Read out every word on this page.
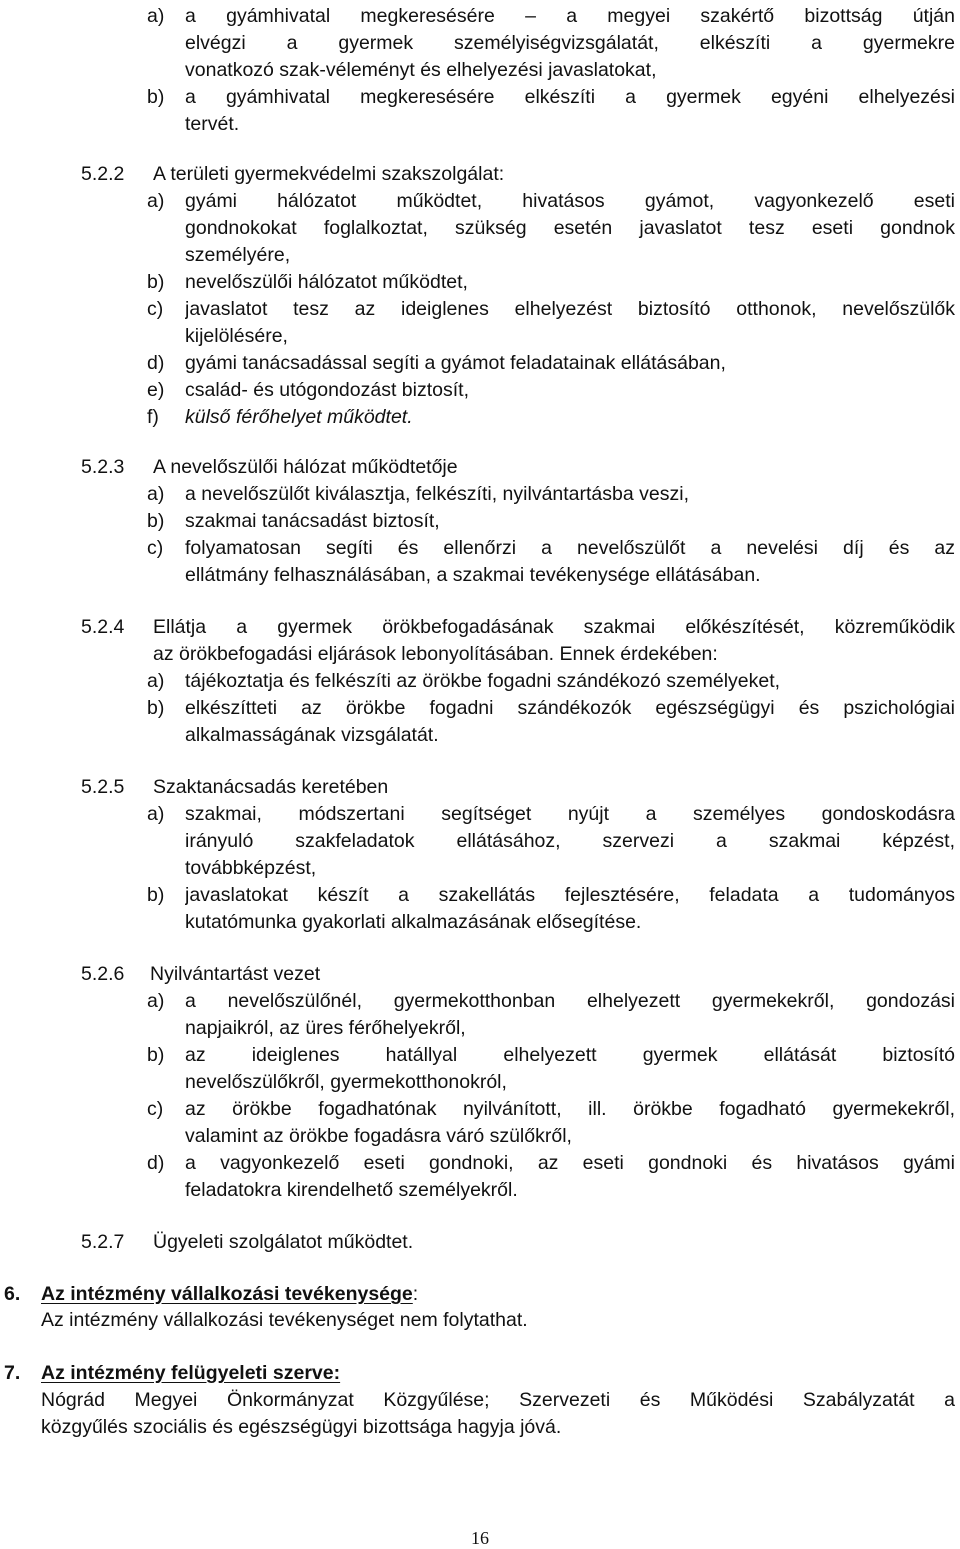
a) a gyámhivatal megkeresésére – a megyei szakértő bizottság útján
elvégzi a gyermek személyiségvizsgálatát, elkészíti a gyermekre
vonatkozó szak-véleményt és elhelyezési javaslatokat,
b) a gyámhivatal megkeresésére elkészíti a gyermek egyéni elhelyezési
tervét.
5.2.2 A területi gyermekvédelmi szakszolgálat:
a) gyámi hálózatot működtet, hivatásos gyámot, vagyonkezelő eseti
gondnokokat foglalkoztat, szükség esetén javaslatot tesz eseti gondnok
személyére,
b) nevelőszülői hálózatot működtet,
c) javaslatot tesz az ideiglenes elhelyezést biztosító otthonok, nevelőszülők
kijelölésére,
d) gyámi tanácsadással segíti a gyámot feladatainak ellátásában,
e) család- és utógondozást biztosít,
f) külső férőhelyet működtet.
5.2.3 A nevelőszülői hálózat működtetője
a) a nevelőszülőt kiválasztja, felkészíti, nyilvántartásba veszi,
b) szakmai tanácsadást biztosít,
c) folyamatosan segíti és ellenőrzi a nevelőszülőt a nevelési díj és az
ellátmány felhasználásában, a szakmai tevékenysége ellátásában.
5.2.4 Ellátja a gyermek örökbefogadásának szakmai előkészítését, közreműködik
az örökbefogadási eljárások lebonyolításában. Ennek érdekében:
a) tájékoztatja és felkészíti az örökbe fogadni szándékozó személyeket,
b) elkészítteti az örökbe fogadni szándékozók egészségügyi és pszichológiai
alkalmasságának vizsgálatát.
5.2.5 Szaktanácsadás keretében
a) szakmai, módszertani segítséget nyújt a személyes gondoskodásra
irányuló szakfeladatok ellátásához, szervezi a szakmai képzést,
továbbképzést,
b) javaslatokat készít a szakellátás fejlesztésére, feladata a tudományos
kutatómunka gyakorlati alkalmazásának elősegítése.
5.2.6 Nyilvántartást vezet
a) a nevelőszülőnél, gyermekotthonban elhelyezett gyermekekről, gondozási
napjaikról, az üres férőhelyekről,
b) az ideiglenes hatállyal elhelyezett gyermek ellátását biztosító
nevelőszülőkről, gyermekotthonokról,
c) az örökbe fogadhatónak nyilvánított, ill. örökbe fogadható gyermekekről,
valamint az örökbe fogadásra váró szülőkről,
d) a vagyonkezelő eseti gondnoki, az eseti gondnoki és hivatásos gyámi
feladatokra kirendelhető személyekről.
5.2.7 Ügyeleti szolgálatot működtet.
6. Az intézmény vállalkozási tevékenysége:
Az intézmény vállalkozási tevékenységet nem folytathat.
7. Az intézmény felügyeleti szerve:
Nógrád Megyei Önkormányzat Közgyűlése; Szervezeti és Működési Szabályzatát a
közgyűlés szociális és egészségügyi bizottsága hagyja jóvá.
16
